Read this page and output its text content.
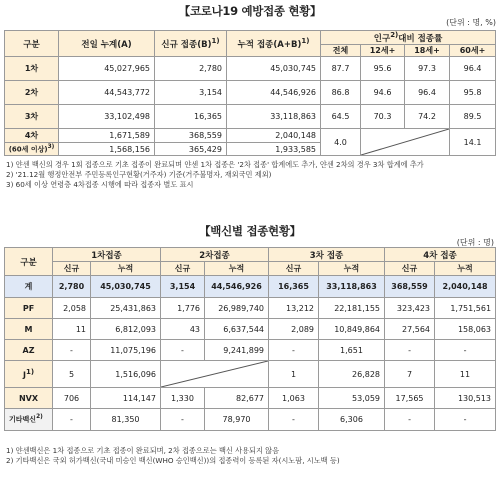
【코로나19 예방접종 현황】
(단위 : 명, %)
구분	전일 누계(A)	신규 접종$(B)^{1)}$	누적 접종$(A+B)^{1)}$	인구$^{2)}$대비 접종률			
				전체	12세+	18세+	60세+
1차	45,027,965	2,780	45,030,745	87.7	95.6	97.3	96.4
2차	44,543,772	3,154	44,546,926	86.8	94.6	96.4	95.8
3차	33,102,498	16,365	33,118,863	64.5	70.3	74.2	89.5
4차	1,671,589	368,559	2,040,148	4.0			14.1
(60세 이상)$^{3)}$	1,568,156	365,429	1,933,585				
1) 얀센 백신의 경우 1회 접종으로 기초 접종이 완료되며 얀센 1차 접종은 '2차 접종' 합계에도 추가, 얀센 2차의 경우 3차 합계에 추가
2) '21.12월 행정안전부 주민등록인구현황(거주자) 기준(거주불명자, 재외국민 제외)
3) 60세 이상 연령층 4차접종 시행에 따라 접종자 별도 표시
【백신별 접종현황】
(단위 : 명)
구분	1차접종		2차접종		3차 접종		4차 접종	
	신규	누적	신규	누적	신규	누적	신규	누적
계	2,780	45,030,745	3,154	44,546,926	16,365	33,118,863	368,559	2,040,148
PF	2,058	25,431,863	1,776	26,989,740	13,212	22,181,155	323,423	1,751,561
M	11	6,812,093	43	6,637,544	2,089	10,849,864	27,564	158,063
AZ	-	11,075,196	-	9,241,899	-	1,651	-	-
$J^{1)}$	5	1,516,096			1	26,828	7	11
NVX	706	114,147	1,330	82,677	1,063	53,059	17,565	130,513
기타백신$^{2)}$	-	81,350	-	78,970	-	6,306	-	-
1) 얀센백신은 1차 접종으로 기초 접종이 완료되며, 2차 접종으로는 백신 사용되지 않음
2) 기타백신은 국외 허가백신(국내 미승인 백신(WHO 승인백신))의 접종력이 등록된 자(시노팜, 시노백 등)
